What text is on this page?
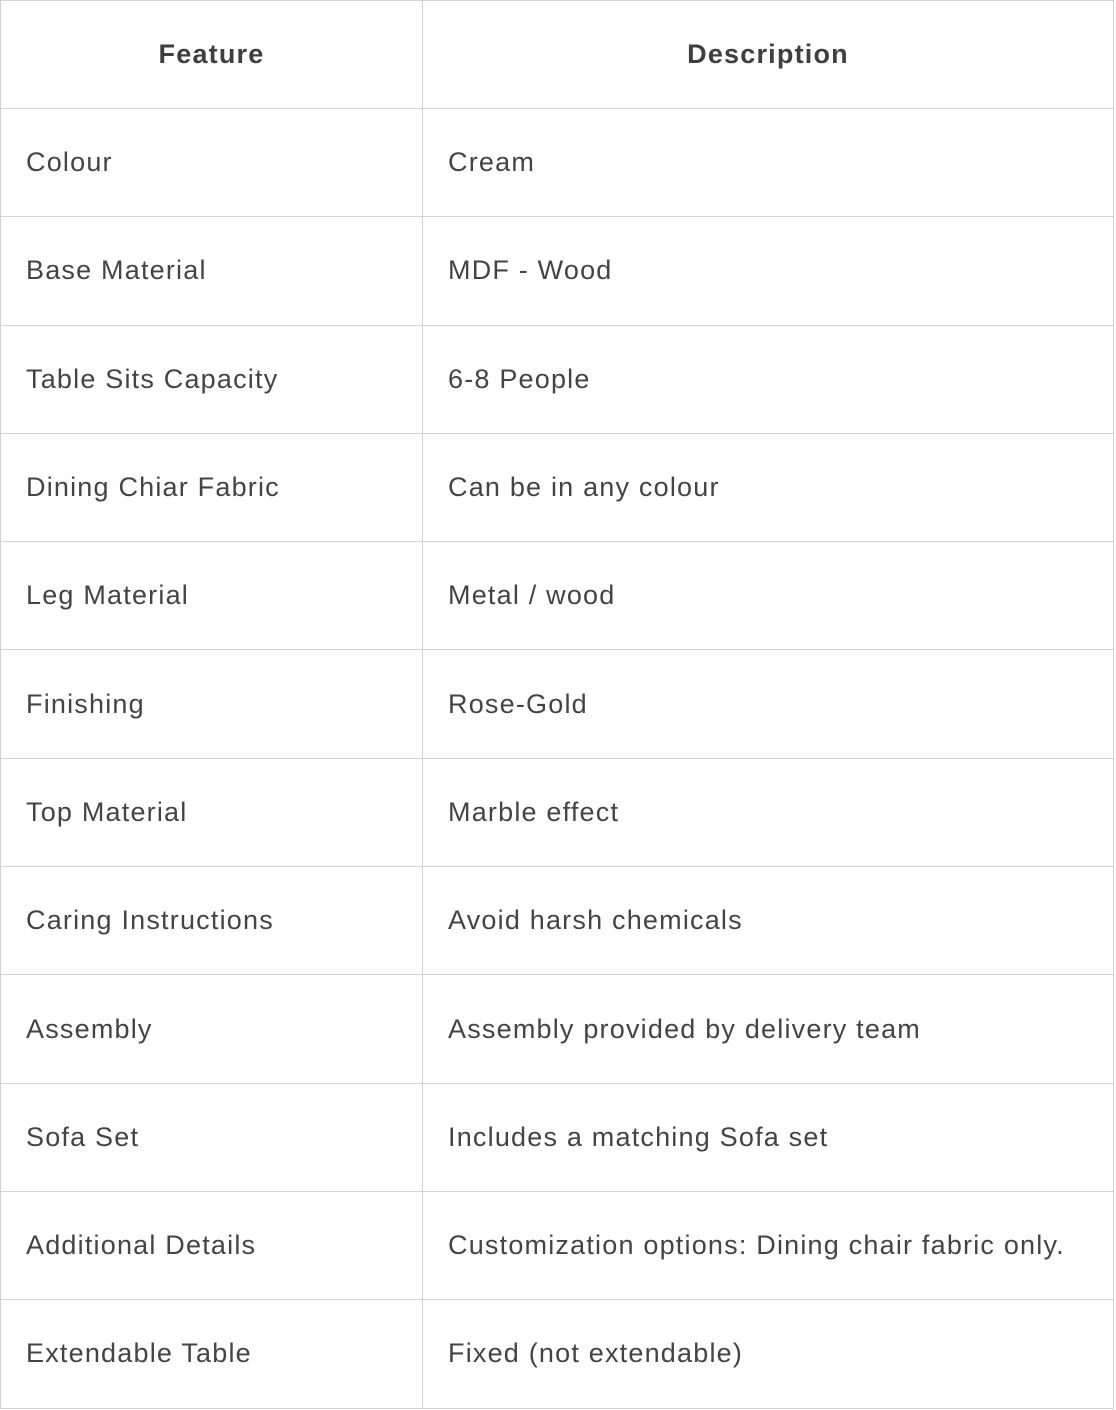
Feature	Description
Colour	Cream
Base Material	MDF - Wood
Table Sits Capacity	6-8 People
Dining Chiar Fabric	Can be in any colour
Leg Material	Metal / wood
Finishing	Rose-Gold
Top Material	Marble effect
Caring Instructions	Avoid harsh chemicals
Assembly	Assembly provided by delivery team
Sofa Set	Includes a matching Sofa set
Additional Details	Customization options: Dining chair fabric only.
Extendable Table	Fixed (not extendable)
